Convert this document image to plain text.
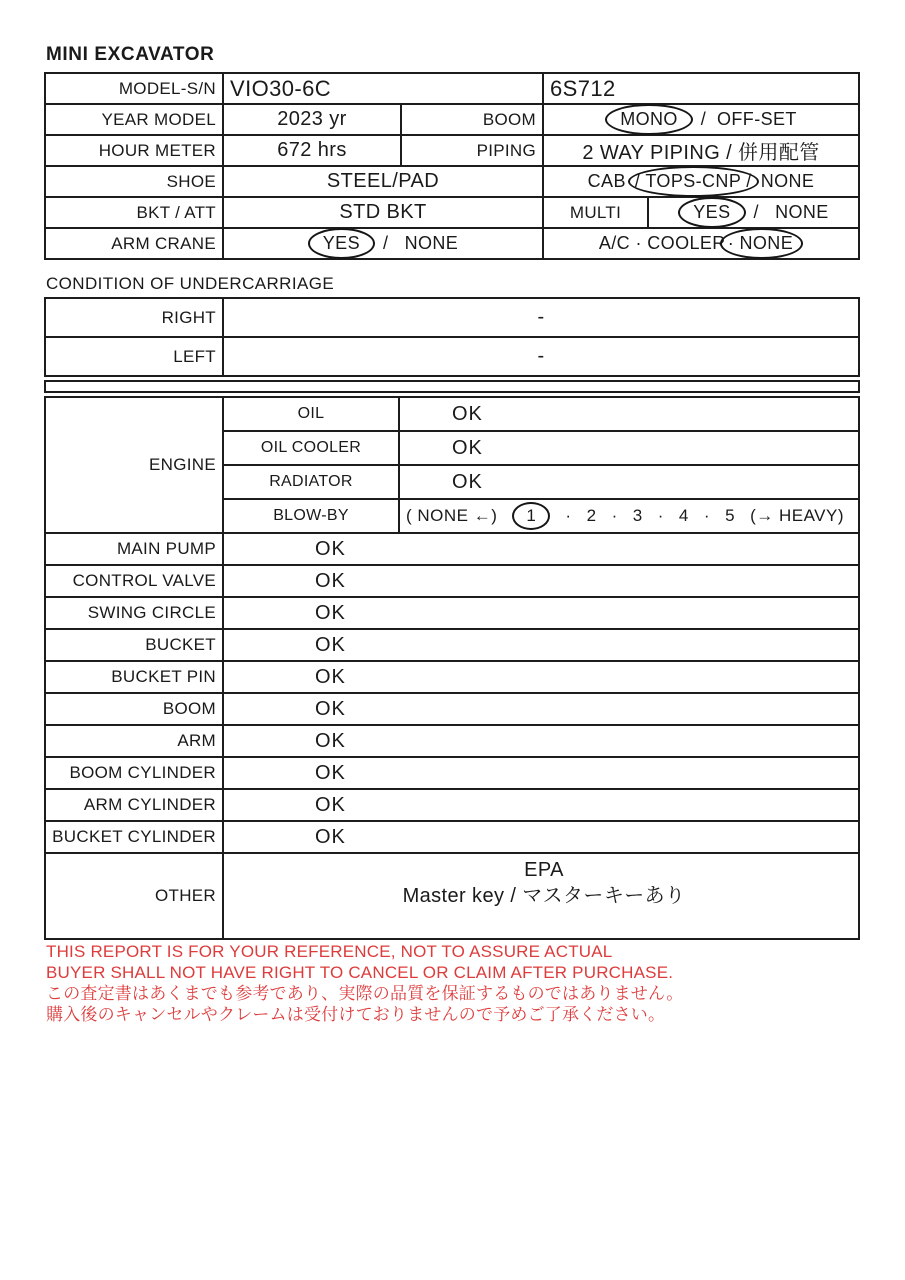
MINI EXCAVATOR
MODEL-S/N VIO30-6C	6S712
YEAR MODEL	2023 yr	BOOM	MONO	/  OFF-SET
HOUR METER	672 hrs	PIPING	2 WAY PIPING / 併用配管
SHOE	STEEL/PAD	CAB / TOPS-CNP / NONE
BKT / ATT	STD BKT	MULTI	YES	/   NONE
ARM CRANE	YES	/   NONE	A/C · COOLER · NONE
CONDITION OF UNDERCARRIAGE
RIGHT	-
LEFT	-
ENGINE
OIL	OK
OIL COOLER	OK
RADIATOR	OK
BLOW-BY	( NONE ←)	1	· 2 · 3 · 4 · 5 (→ HEAVY)
MAIN PUMP	OK
CONTROL VALVE	OK
SWING CIRCLE	OK
BUCKET	OK
BUCKET PIN	OK
BOOM	OK
ARM	OK
BOOM CYLINDER	OK
ARM CYLINDER	OK
BUCKET CYLINDER	OK
OTHER
EPA
Master key / マスターキーあり
THIS REPORT IS FOR YOUR REFERENCE, NOT TO ASSURE ACTUAL
BUYER SHALL NOT HAVE RIGHT TO CANCEL OR CLAIM AFTER PURCHASE.
この査定書はあくまでも参考であり、実際の品質を保証するものではありません。
購入後のキャンセルやクレームは受付けておりませんので予めご了承ください。
